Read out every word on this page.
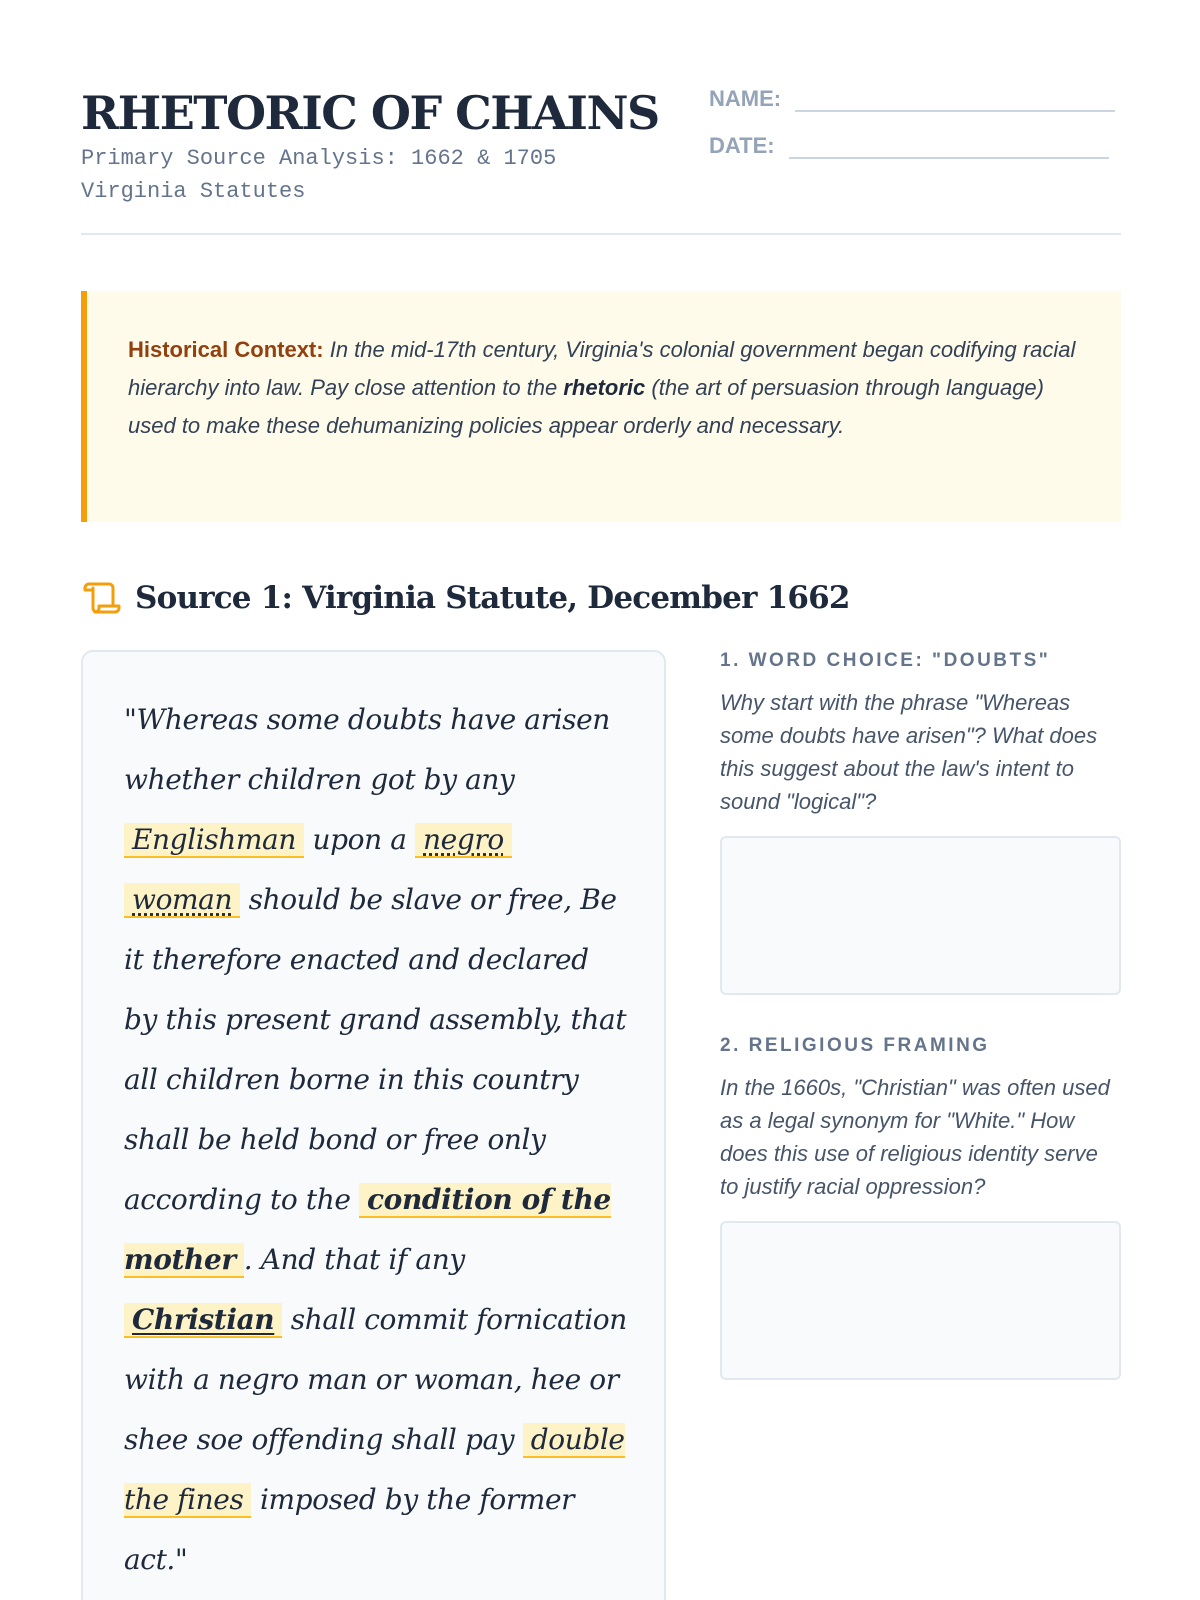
RHETORIC OF CHAINS
Primary Source Analysis: 1662 & 1705 Virginia Statutes
NAME:
DATE:

Historical Context: In the mid-17th century, Virginia's colonial government began codifying racial hierarchy into law. Pay close attention to the rhetoric (the art of persuasion through language) used to make these dehumanizing policies appear orderly and necessary.

Source 1: Virginia Statute, December 1662

"Whereas some doubts have arisen whether children got by any Englishman upon a negro woman should be slave or free, Be it therefore enacted and declared by this present grand assembly, that all children borne in this country shall be held bond or free only according to the condition of the mother . And that if any Christian shall commit fornication with a negro man or woman, hee or shee soe offending shall pay double the fines imposed by the former act."

1. WORD CHOICE: "DOUBTS"
Why start with the phrase "Whereas some doubts have arisen"? What does this suggest about the law's intent to sound "logical"?
2. RELIGIOUS FRAMING
In the 1660s, "Christian" was often used as a legal synonym for "White." How does this use of religious identity serve to justify racial oppression?
